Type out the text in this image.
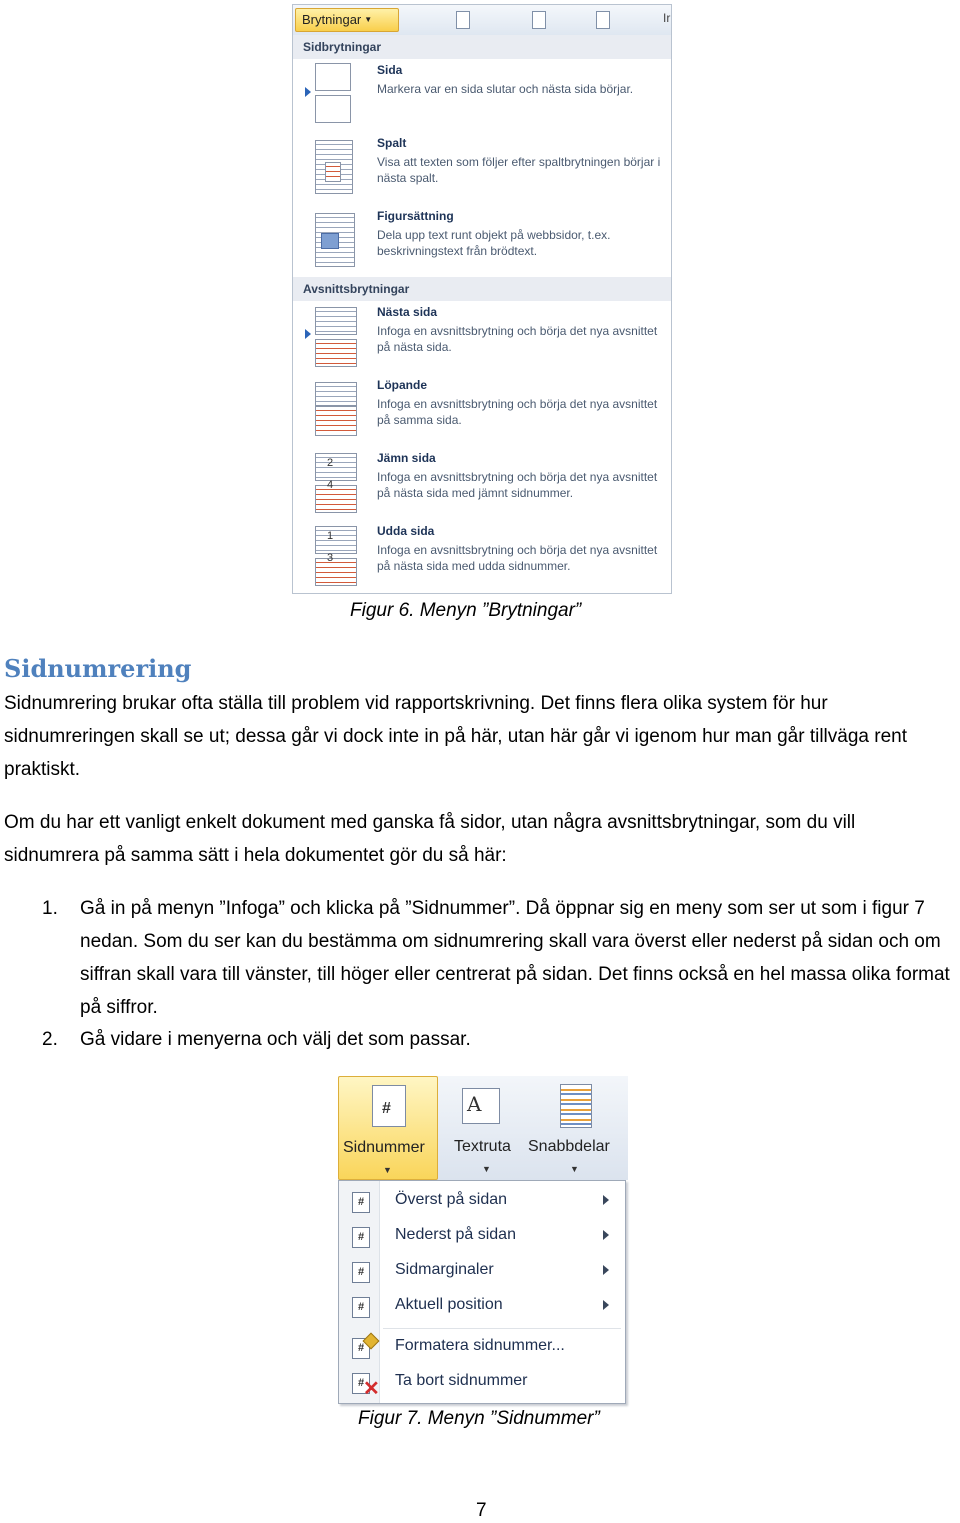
Brytningar ▼	Ir
Sidbrytningar
Sida
Markera var en sida slutar och nästa sida börjar.
Spalt
Visa att texten som följer efter spaltbrytningen börjar i nästa spalt.
Figursättning
Dela upp text runt objekt på webbsidor, t.ex. beskrivningstext från brödtext.
Avsnittsbrytningar
Nästa sida
Infoga en avsnittsbrytning och börja det nya avsnittet på nästa sida.
Löpande
Infoga en avsnittsbrytning och börja det nya avsnittet på samma sida.
2
4
Jämn sida
Infoga en avsnittsbrytning och börja det nya avsnittet på nästa sida med jämnt sidnummer.
1
3
Udda sida
Infoga en avsnittsbrytning och börja det nya avsnittet på nästa sida med udda sidnummer.
Figur 6. Menyn ”Brytningar”
Sidnumrering

Sidnumrering brukar ofta ställa till problem vid rapportskrivning. Det finns flera olika system för hur sidnumreringen skall se ut; dessa går vi dock inte in på här, utan här går vi igenom hur man går tillväga rent praktiskt.

Om du har ett vanligt enkelt dokument med ganska få sidor, utan några avsnittsbrytningar, som du vill sidnumrera på samma sätt i hela dokumentet gör du så här:

1. Gå in på menyn ”Infoga” och klicka på ”Sidnummer”. Då öppnar sig en meny som ser ut som i figur 7 nedan. Som du ser kan du bestämma om sidnumrering skall vara överst eller nederst på sidan och om siffran skall vara till vänster, till höger eller centrerat på sidan. Det finns också en hel massa olika format på siffror.
2. Gå vidare i menyerna och välj det som passar.
#
Sidnummer
▼
A
Textruta
▼
Snabbdelar
▼
#	Överst på sidan
#	Nederst på sidan
#	Sidmarginaler
#	Aktuell position
#	Formatera sidnummer...
#
✕ Ta bort sidnummer
Figur 7. Menyn ”Sidnummer”
7
